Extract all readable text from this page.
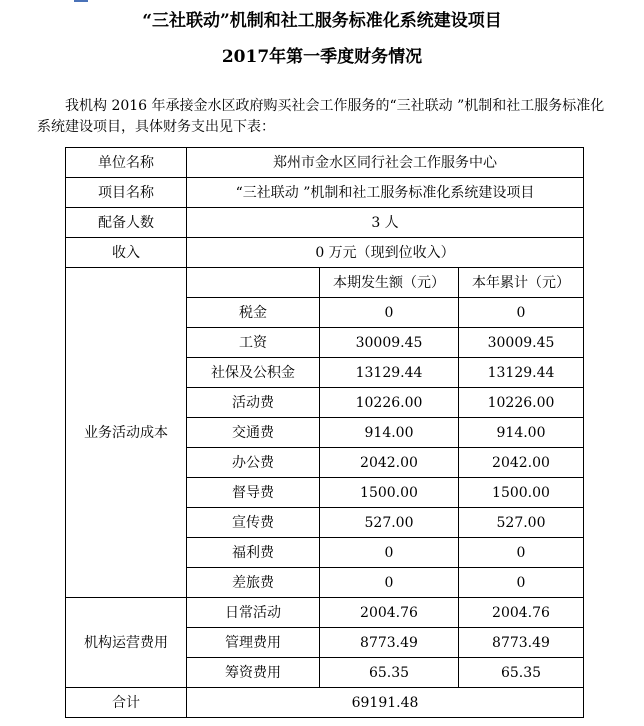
“三社联动”机制和社工服务标准化系统建设项目
2017年第一季度财务情况
我机构 2016 年承接金水区政府购买社会工作服务的“三社联动 ”机制和社工服务标准化系统建设项目，具体财务支出见下表：
单位名称	郑州市金水区同行社会工作服务中心		
项目名称	“三社联动 ”机制和社工服务标准化系统建设项目		
配备人数	3 人		
收入	0 万元（现到位收入）		
业务活动成本		本期发生额（元）	本年累计（元）
	税金	0	0
	工资	30009.45	30009.45
	社保及公积金	13129.44	13129.44
	活动费	10226.00	10226.00
	交通费	914.00	914.00
	办公费	2042.00	2042.00
	督导费	1500.00	1500.00
	宣传费	527.00	527.00
	福利费	0	0
	差旅费	0	0
机构运营费用	日常活动	2004.76	2004.76
	管理费用	8773.49	8773.49
	筹资费用	65.35	65.35
合计	69191.48		
